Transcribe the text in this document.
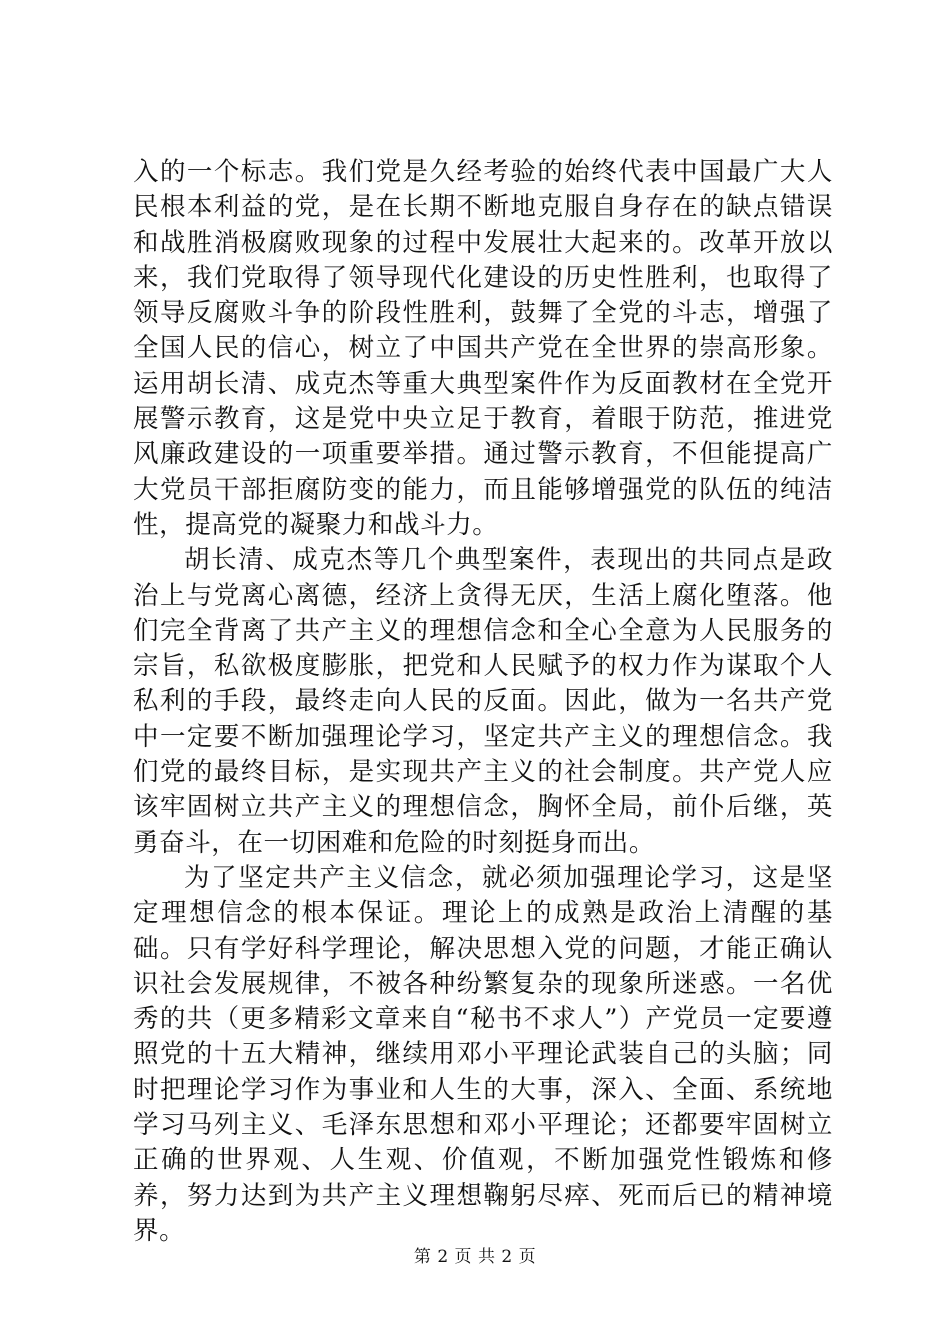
入的一个标志。我们党是久经考验的始终代表中国最广大人民根本利益的党，是在长期不断地克服自身存在的缺点错误和战胜消极腐败现象的过程中发展壮大起来的。改革开放以来，我们党取得了领导现代化建设的历史性胜利，也取得了领导反腐败斗争的阶段性胜利，鼓舞了全党的斗志，增强了全国人民的信心，树立了中国共产党在全世界的崇高形象。运用胡长清、成克杰等重大典型案件作为反面教材在全党开展警示教育，这是党中央立足于教育，着眼于防范，推进党风廉政建设的一项重要举措。通过警示教育，不但能提高广大党员干部拒腐防变的能力，而且能够增强党的队伍的纯洁性，提高党的凝聚力和战斗力。

胡长清、成克杰等几个典型案件，表现出的共同点是政治上与党离心离德，经济上贪得无厌，生活上腐化堕落。他们完全背离了共产主义的理想信念和全心全意为人民服务的宗旨，私欲极度膨胀，把党和人民赋予的权力作为谋取个人私利的手段，最终走向人民的反面。因此，做为一名共产党中一定要不断加强理论学习，坚定共产主义的理想信念。我们党的最终目标，是实现共产主义的社会制度。共产党人应该牢固树立共产主义的理想信念，胸怀全局，前仆后继，英勇奋斗，在一切困难和危险的时刻挺身而出。

为了坚定共产主义信念，就必须加强理论学习，这是坚定理想信念的根本保证。理论上的成熟是政治上清醒的基础。只有学好科学理论，解决思想入党的问题，才能正确认识社会发展规律，不被各种纷繁复杂的现象所迷惑。一名优秀的共（更多精彩文章来自“秘书不求人”）产党员一定要遵照党的十五大精神，继续用邓小平理论武装自己的头脑；同时把理论学习作为事业和人生的大事，深入、全面、系统地学习马列主义、毛泽东思想和邓小平理论；还都要牢固树立正确的世界观、人生观、价值观，不断加强党性锻炼和修养，努力达到为共产主义理想鞠躬尽瘁、死而后已的精神境界。

第 2 页 共 2 页
